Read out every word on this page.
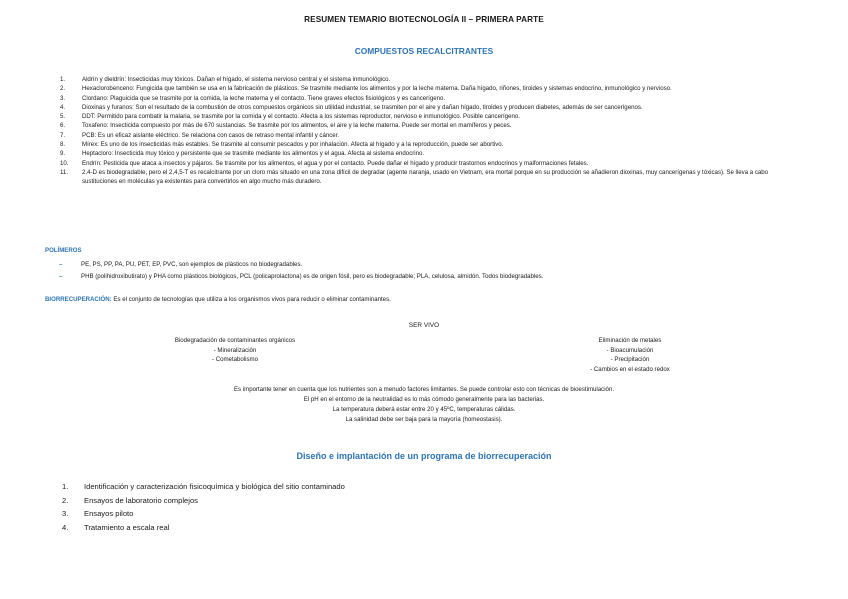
RESUMEN TEMARIO BIOTECNOLOGÍA II – PRIMERA PARTE
COMPUESTOS RECALCITRANTES
1.	Aldrín y dieldrín: Insecticidas muy tóxicos. Dañan el hígado, el sistema nervioso central y el sistema inmunológico.
2.	Hexaclorobenceno: Fungicida que también se usa en la fabricación de plásticos. Se trasmite mediante los alimentos y por la leche materna. Daña hígado, riñones, tiroides y sistemas endocrino, inmunológico y nervioso.
3.	Clordano: Plaguicida que se trasmite por la comida, la leche materna y el contacto. Tiene graves efectos fisiológicos y es cancerígeno.
4.	Dioxinas y furanos: Son el resultado de la combustión de otros compuestos orgánicos sin utilidad industrial, se trasmiten por el aire y dañan hígado, tiroides y producen diabetes, además de ser cancerígenos.
5.	DDT: Permitido para combatir la malaria, se trasmite por la comida y el contacto. Afecta a los sistemas reproductor, nervioso e inmunológico. Posible cancerígeno.
6.	Toxafeno: Insecticida compuesto por más de 670 sustancias. Se trasmite por los alimentos, el aire y la leche materna. Puede ser mortal en mamíferos y peces.
7.	PCB: Es un eficaz aislante eléctrico. Se relaciona con casos de retraso mental infantil y cáncer.
8.	Mírex: Es uno de los insecticidas más estables. Se trasmite al consumir pescados y por inhalación. Afecta al hígado y a la reproducción, puede ser abortivo.
9.	Heptacloro: Insecticida muy tóxico y persistente que se trasmite mediante los alimentos y el agua. Afecta al sistema endocrino.
10. Endrín: Pesticida que ataca a insectos y pájaros. Se trasmite por los alimentos, el agua y por el contacto. Puede dañar el hígado y producir trastornos endocrinos y malformaciones fetales.
11. 2,4-D es biodegradable, pero el 2,4,5-T es recalcitrante por un cloro más situado en una zona difícil de degradar (agente naranja, usado en Vietnam, era mortal porque en su producción se añadieron dioxinas, muy cancerígenas y tóxicas). Se lleva a cabo sustituciones en moléculas ya existentes para convertirlos en algo mucho más duradero.
POLÍMEROS
–	PE, PS, PP, PA, PU, PET, EP, PVC, son ejemplos de plásticos no biodegradables.
–	PHB (polihidroxibutirato) y PHA como plásticos biológicos, PCL (policaprolactona) es de origen fósil, pero es biodegradable; PLA, celulosa, almidón. Todos biodegradables.
BIORRECUPERACIÓN: Es el conjunto de tecnologías que utiliza a los organismos vivos para reducir o eliminar contaminantes.
SER VIVO
Biodegradación de contaminantes orgánicos
- Mineralización
- Cometabolismo
Eliminación de metales
- Bioacumulación
- Precipitación
- Cambios en el estado redox
Es importante tener en cuenta que los nutrientes son a menudo factores limitantes. Se puede controlar esto con técnicas de bioestimulación.
El pH en el entorno de la neutralidad es lo más cómodo generalmente para las bacterias.
La temperatura deberá estar entre 20 y 45ºC, temperaturas cálidas.
La salinidad debe ser baja para la mayoría (homeostasis).
Diseño e implantación de un programa de biorrecuperación
1. Identificación y caracterización fisicoquímica y biológica del sitio contaminado
2. Ensayos de laboratorio complejos
3. Ensayos piloto
4. Tratamiento a escala real
